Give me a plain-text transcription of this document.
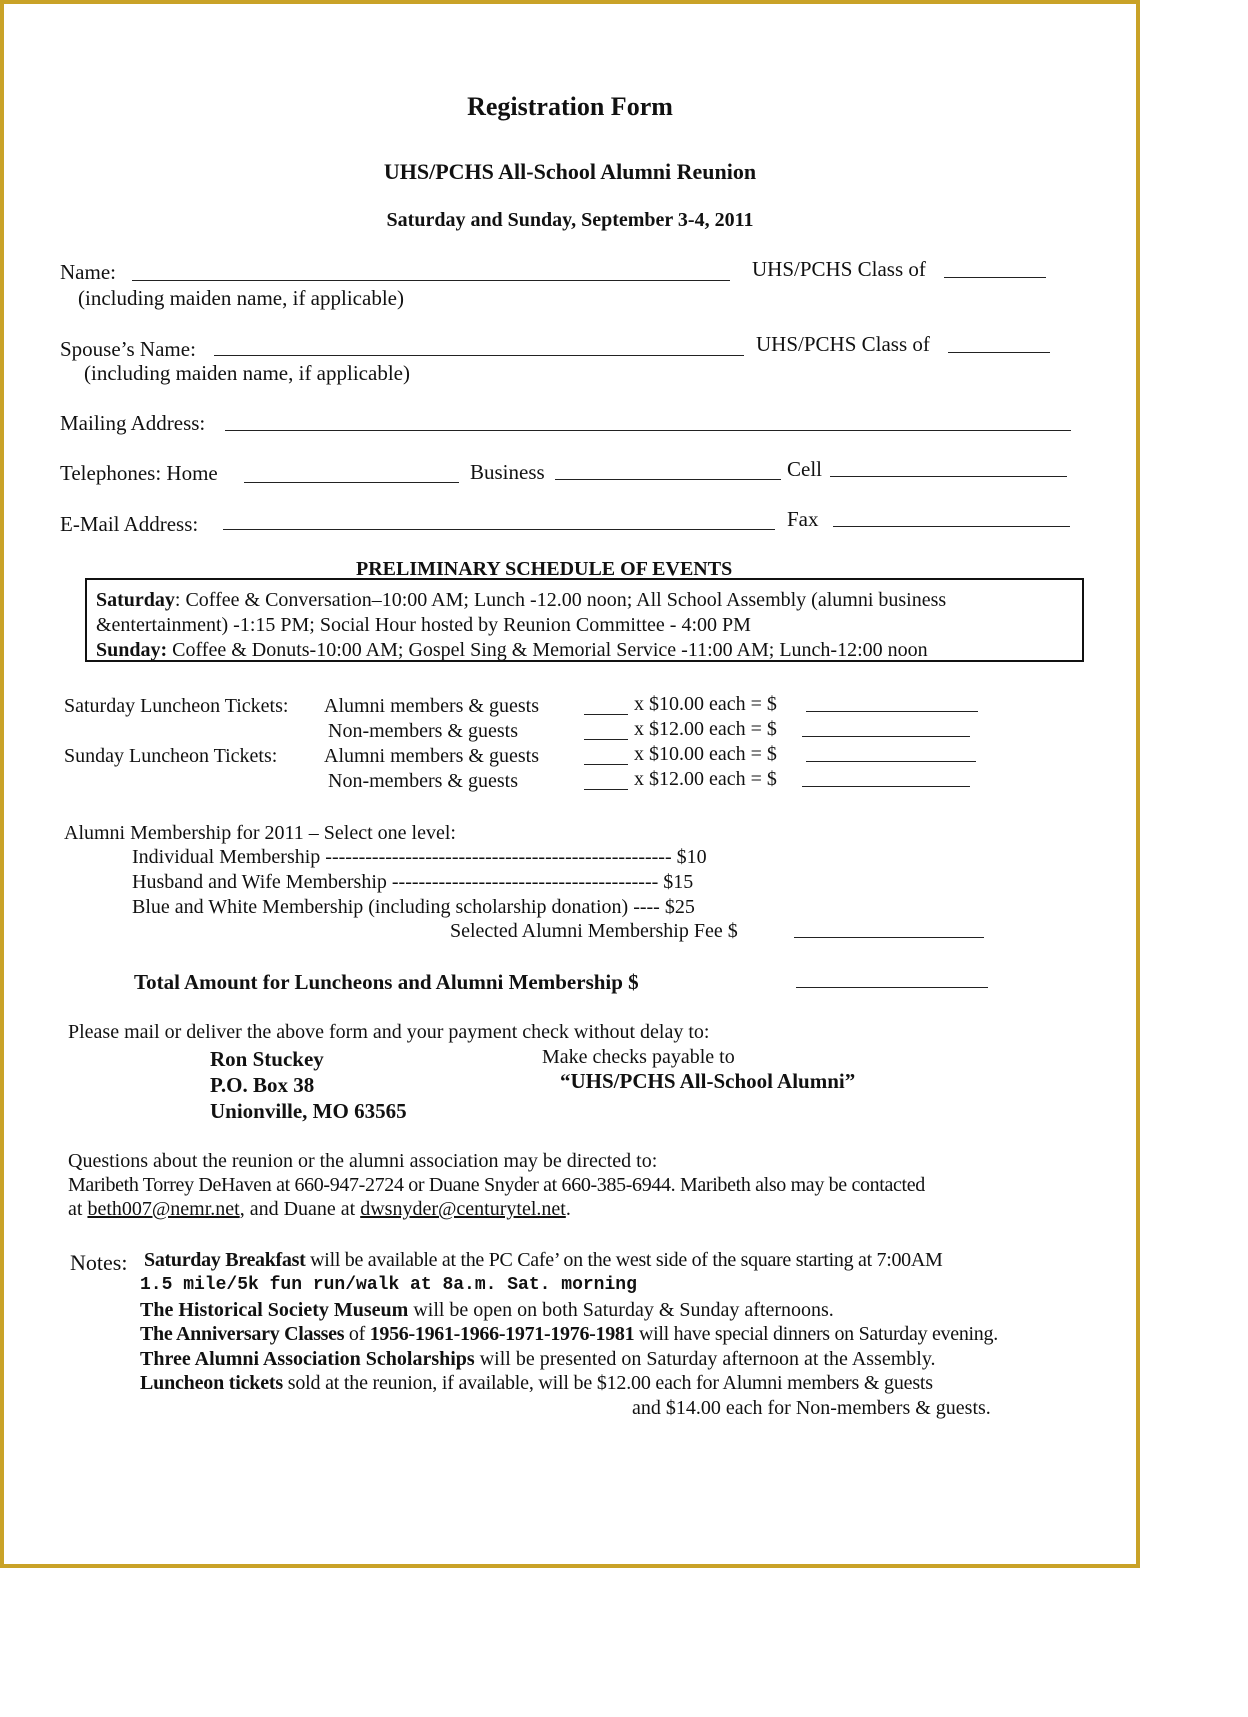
Registration Form
UHS/PCHS All-School Alumni Reunion
Saturday and Sunday, September 3-4, 2011
Name:	UHS/PCHS Class of
(including maiden name, if applicable)
Spouse’s Name:	UHS/PCHS Class of
(including maiden name, if applicable)
Mailing Address:
Telephones: Home	Business	Cell
E-Mail Address:	Fax
PRELIMINARY SCHEDULE OF EVENTS
Saturday: Coffee & Conversation–10:00 AM; Lunch -12.00 noon; All School Assembly (alumni business
&entertainment) -1:15 PM; Social Hour hosted by Reunion Committee - 4:00 PM
Sunday: Coffee & Donuts-10:00 AM; Gospel Sing & Memorial Service -11:00 AM; Lunch-12:00 noon
Saturday Luncheon Tickets: Alumni members & guests	x $10.00 each = $
Non-members & guests	x $12.00 each = $
Sunday Luncheon Tickets: Alumni members & guests	x $10.00 each = $
Non-members & guests	x $12.00 each = $
Alumni Membership for 2011 – Select one level:
Individual Membership ---------------------------------------------------- $10
Husband and Wife Membership ---------------------------------------- $15
Blue and White Membership (including scholarship donation) ---- $25
Selected Alumni Membership Fee $
Total Amount for Luncheons and Alumni Membership $
Please mail or deliver the above form and your payment check without delay to:
Ron Stuckey
P.O. Box 38
Unionville, MO 63565
Make checks payable to
“UHS/PCHS All-School Alumni”
Questions about the reunion or the alumni association may be directed to:
Maribeth Torrey DeHaven at 660-947-2724 or Duane Snyder at 660-385-6944. Maribeth also may be contacted
at beth007@nemr.net, and Duane at dwsnyder@centurytel.net.
Notes: Saturday Breakfast will be available at the PC Cafe’ on the west side of the square starting at 7:00AM
1.5 mile/5k fun run/walk at 8a.m. Sat. morning
The Historical Society Museum will be open on both Saturday & Sunday afternoons.
The Anniversary Classes of 1956-1961-1966-1971-1976-1981 will have special dinners on Saturday evening.
Three Alumni Association Scholarships will be presented on Saturday afternoon at the Assembly.
Luncheon tickets sold at the reunion, if available, will be $12.00 each for Alumni members & guests
and $14.00 each for Non-members & guests.
